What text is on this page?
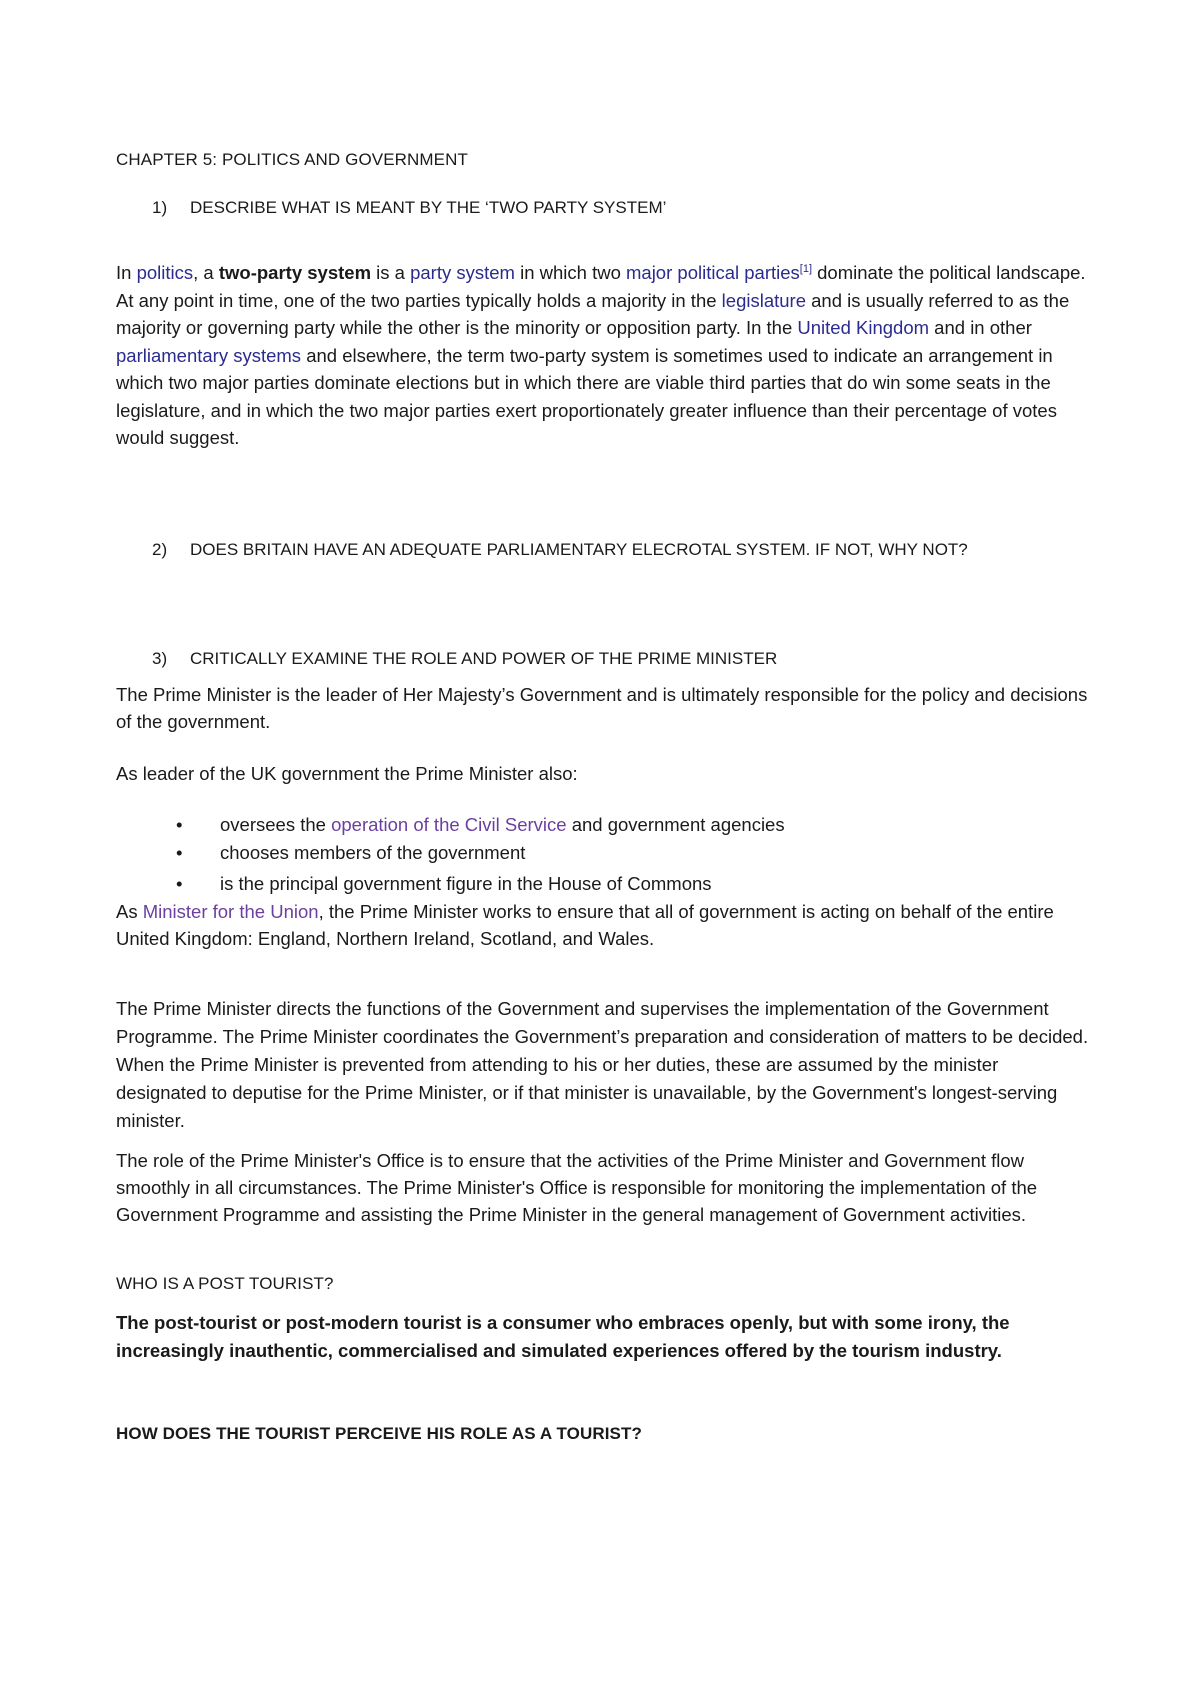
CHAPTER 5: POLITICS AND GOVERNMENT

1)	DESCRIBE WHAT IS MEANT BY THE ‘TWO PARTY SYSTEM’

In politics, a two-party system is a party system in which two major political parties[1] dominate the political landscape. At any point in time, one of the two parties typically holds a majority in the legislature and is usually referred to as the majority or governing party while the other is the minority or opposition party. In the United Kingdom and in other parliamentary systems and elsewhere, the term two-party system is sometimes used to indicate an arrangement in which two major parties dominate elections but in which there are viable third parties that do win some seats in the legislature, and in which the two major parties exert proportionately greater influence than their percentage of votes would suggest.

2)	DOES BRITAIN HAVE AN ADEQUATE PARLIAMENTARY ELECROTAL SYSTEM. IF NOT, WHY NOT?
3)	CRITICALLY EXAMINE THE ROLE AND POWER OF THE PRIME MINISTER

The Prime Minister is the leader of Her Majesty’s Government and is ultimately responsible for the policy and decisions of the government.

As leader of the UK government the Prime Minister also:

• oversees the operation of the Civil Service and government agencies
• chooses members of the government
• is the principal government figure in the House of Commons

As Minister for the Union, the Prime Minister works to ensure that all of government is acting on behalf of the entire United Kingdom: England, Northern Ireland, Scotland, and Wales.

The Prime Minister directs the functions of the Government and supervises the implementation of the Government Programme. The Prime Minister coordinates the Government’s preparation and consideration of matters to be decided. When the Prime Minister is prevented from attending to his or her duties, these are assumed by the minister designated to deputise for the Prime Minister, or if that minister is unavailable, by the Government's longest-serving minister.

The role of the Prime Minister's Office is to ensure that the activities of the Prime Minister and Government flow smoothly in all circumstances. The Prime Minister's Office is responsible for monitoring the implementation of the Government Programme and assisting the Prime Minister in the general management of Government activities.

WHO IS A POST TOURIST?

The post-tourist or post-modern tourist is a consumer who embraces openly, but with some irony, the increasingly inauthentic, commercialised and simulated experiences offered by the tourism industry.

HOW DOES THE TOURIST PERCEIVE HIS ROLE AS A TOURIST?
